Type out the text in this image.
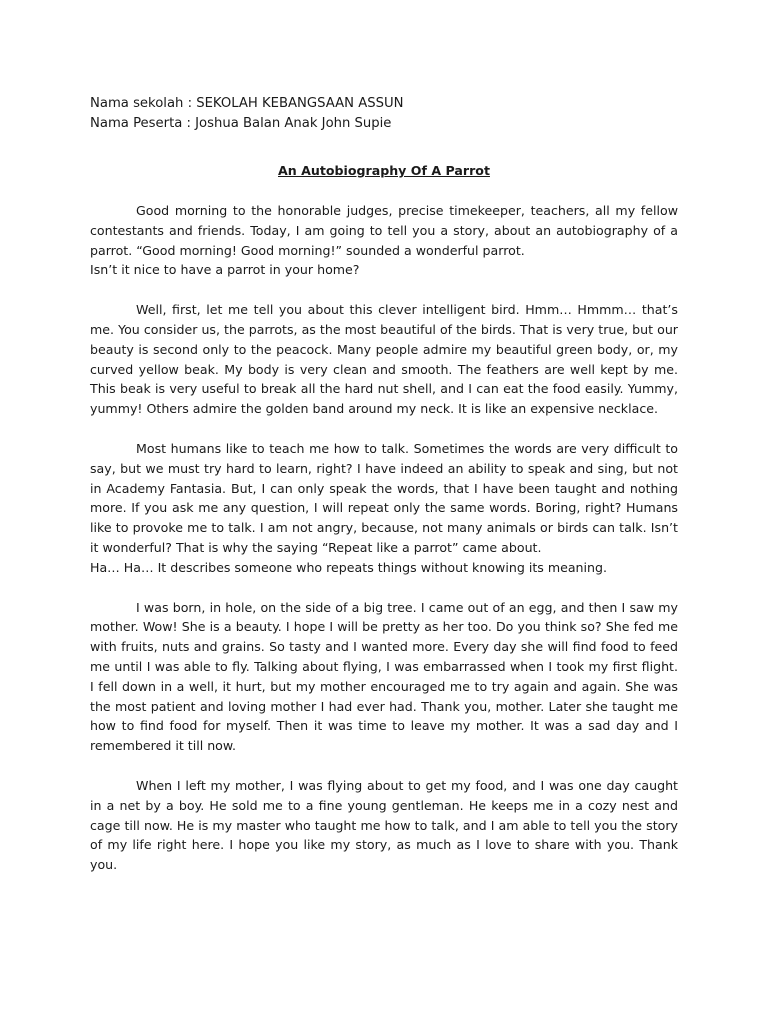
Nama sekolah : SEKOLAH KEBANGSAAN ASSUN

Nama Peserta : Joshua Balan Anak John Supie

An Autobiography Of A Parrot

Good morning to the honorable judges, precise timekeeper, teachers, all my fellow contestants and friends. Today, I am going to tell you a story, about an autobiography of a parrot. “Good morning! Good morning!” sounded a wonderful parrot.

Isn’t it nice to have a parrot in your home?

Well, first, let me tell you about this clever intelligent bird. Hmm… Hmmm… that’s me. You consider us, the parrots, as the most beautiful of the birds. That is very true, but our beauty is second only to the peacock. Many people admire my beautiful green body, or, my curved yellow beak. My body is very clean and smooth. The feathers are well kept by me. This beak is very useful to break all the hard nut shell, and I can eat the food easily. Yummy, yummy! Others admire the golden band around my neck. It is like an expensive necklace.

Most humans like to teach me how to talk. Sometimes the words are very difficult to say, but we must try hard to learn, right? I have indeed an ability to speak and sing, but not in Academy Fantasia. But, I can only speak the words, that I have been taught and nothing more. If you ask me any question, I will repeat only the same words. Boring, right? Humans like to provoke me to talk. I am not angry, because, not many animals or birds can talk. Isn’t it wonderful? That is why the saying “Repeat like a parrot” came about.

Ha… Ha… It describes someone who repeats things without knowing its meaning.

I was born, in hole, on the side of a big tree. I came out of an egg, and then I saw my mother. Wow! She is a beauty. I hope I will be pretty as her too. Do you think so? She fed me with fruits, nuts and grains. So tasty and I wanted more. Every day she will find food to feed me until I was able to fly. Talking about flying, I was embarrassed when I took my first flight. I fell down in a well, it hurt, but my mother encouraged me to try again and again. She was the most patient and loving mother I had ever had. Thank you, mother. Later she taught me how to find food for myself. Then it was time to leave my mother. It was a sad day and I remembered it till now.

When I left my mother, I was flying about to get my food, and I was one day caught in a net by a boy. He sold me to a fine young gentleman. He keeps me in a cozy nest and cage till now. He is my master who taught me how to talk, and I am able to tell you the story of my life right here. I hope you like my story, as much as I love to share with you. Thank you.
